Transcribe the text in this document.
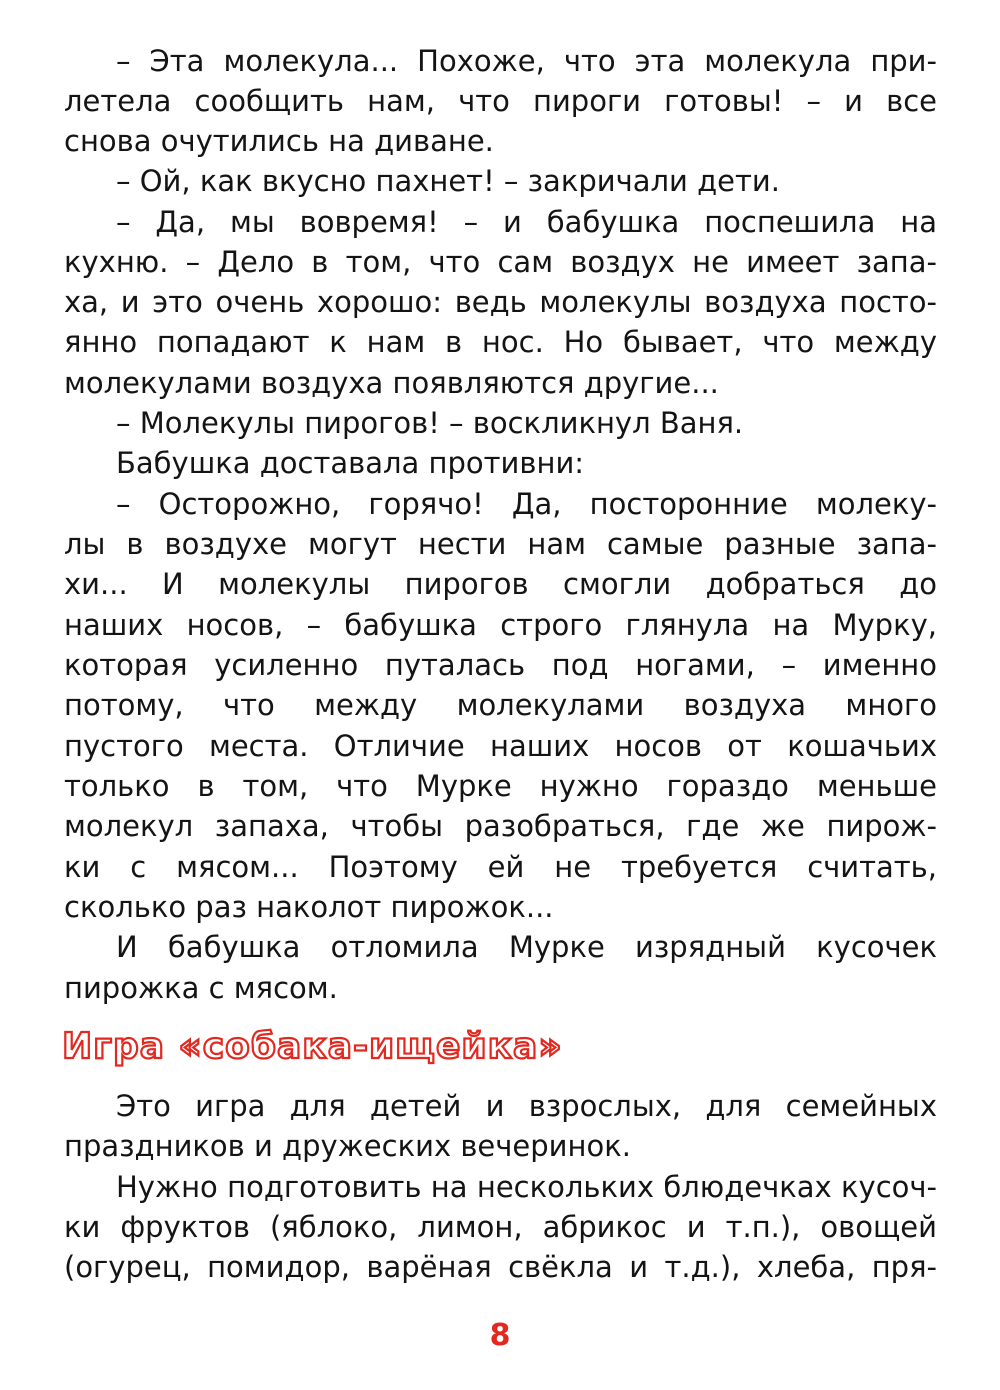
– Эта молекула... Похоже, что эта молекула при-
летела сообщить нам, что пироги готовы! – и все
снова очутились на диване.
– Ой, как вкусно пахнет! – закричали дети.
– Да, мы вовремя! – и бабушка поспешила на
кухню. – Дело в том, что сам воздух не имеет запа-
ха, и это очень хорошо: ведь молекулы воздуха посто-
янно попадают к нам в нос. Но бывает, что между
молекулами воздуха появляются другие...
– Молекулы пирогов! – воскликнул Ваня.
Бабушка доставала противни:
– Осторожно, горячо! Да, посторонние молеку-
лы в воздухе могут нести нам самые разные запа-
хи... И молекулы пирогов смогли добраться до
наших носов, – бабушка строго глянула на Мурку,
которая усиленно путалась под ногами, – именно
потому, что между молекулами воздуха много
пустого места. Отличие наших носов от кошачьих
только в том, что Мурке нужно гораздо меньше
молекул запаха, чтобы разобраться, где же пирож-
ки с мясом... Поэтому ей не требуется считать,
сколько раз наколот пирожок...
И бабушка отломила Мурке изрядный кусочек
пирожка с мясом.
Игра «собака-ищейка»
Это игра для детей и взрослых, для семейных
праздников и дружеских вечеринок.
Нужно подготовить на нескольких блюдечках кусоч-
ки фруктов (яблоко, лимон, абрикос и т.п.), овощей
(огурец, помидор, варёная свёкла и т.д.), хлеба, пря-
8
